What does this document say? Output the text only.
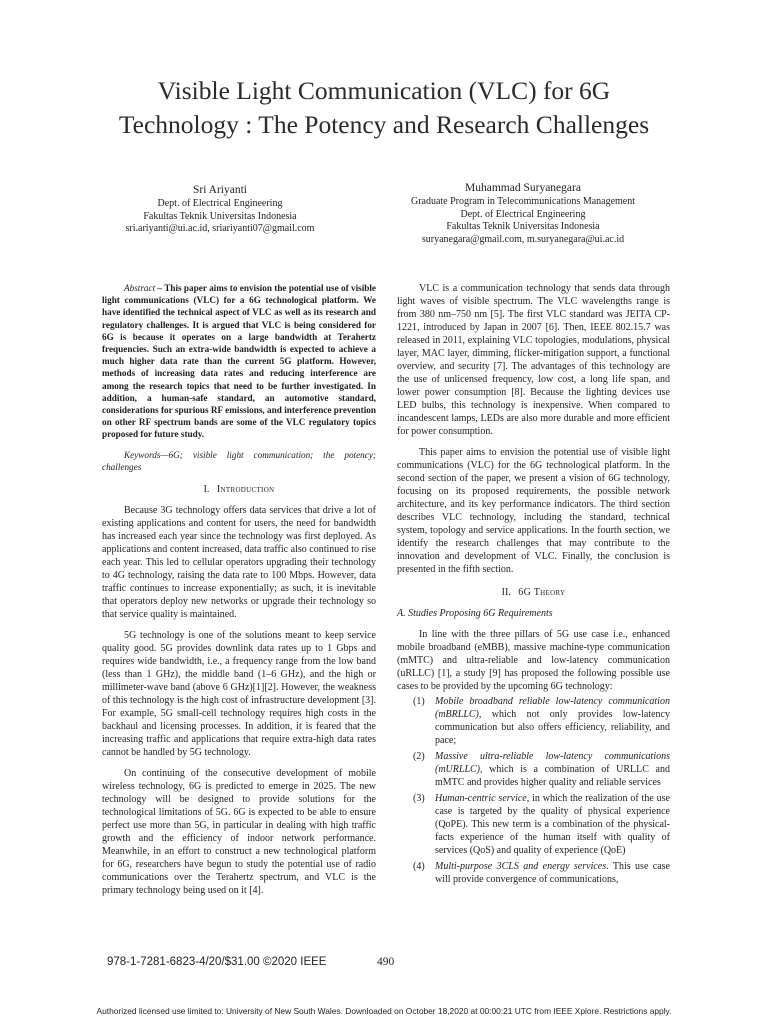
Visible Light Communication (VLC) for 6G
Technology : The Potency and Research Challenges
Sri Ariyanti
Dept. of Electrical Engineering
Fakultas Teknik Universitas Indonesia
sri.ariyanti@ui.ac.id, sriariyanti07@gmail.com
Muhammad Suryanegara
Graduate Program in Telecommunications Management
Dept. of Electrical Engineering
Fakultas Teknik Universitas Indonesia
suryanegara@gmail.com, m.suryanegara@ui.ac.id

Abstract – This paper aims to envision the potential use of visible light communications (VLC) for a 6G technological platform. We have identified the technical aspect of VLC as well as its research and regulatory challenges. It is argued that VLC is being considered for 6G is because it operates on a large bandwidth at Terahertz frequencies. Such an extra-wide bandwidth is expected to achieve a much higher data rate than the current 5G platform. However, methods of increasing data rates and reducing interference are among the research topics that need to be further investigated. In addition, a human-safe standard, an automotive standard, considerations for spurious RF emissions, and interference prevention on other RF spectrum bands are some of the VLC regulatory topics proposed for future study.

Keywords—6G; visible light communication; the potency; challenges

I. Introduction

Because 3G technology offers data services that drive a lot of existing applications and content for users, the need for bandwidth has increased each year since the technology was first deployed. As applications and content increased, data traffic also continued to rise each year. This led to cellular operators upgrading their technology to 4G technology, raising the data rate to 100 Mbps. However, data traffic continues to increase exponentially; as such, it is inevitable that operators deploy new networks or upgrade their technology so that service quality is maintained.

5G technology is one of the solutions meant to keep service quality good. 5G provides downlink data rates up to 1 Gbps and requires wide bandwidth, i.e., a frequency range from the low band (less than 1 GHz), the middle band (1–6 GHz), and the high or millimeter-wave band (above 6 GHz)[1][2]. However, the weakness of this technology is the high cost of infrastructure development [3]. For example, 5G small-cell technology requires high costs in the backhaul and licensing processes. In addition, it is feared that the increasing traffic and applications that require extra-high data rates cannot be handled by 5G technology.

On continuing of the consecutive development of mobile wireless technology, 6G is predicted to emerge in 2025. The new technology will be designed to provide solutions for the technological limitations of 5G. 6G is expected to be able to ensure perfect use more than 5G, in particular in dealing with high traffic growth and the efficiency of indoor network performance. Meanwhile, in an effort to construct a new technological platform for 6G, researchers have begun to study the potential use of radio communications over the Terahertz spectrum, and VLC is the primary technology being used on it [4].

VLC is a communication technology that sends data through light waves of visible spectrum. The VLC wavelengths range is from 380 nm–750 nm [5]. The first VLC standard was JEITA CP-1221, introduced by Japan in 2007 [6]. Then, IEEE 802.15.7 was released in 2011, explaining VLC topologies, modulations, physical layer, MAC layer, dimming, flicker-mitigation support, a functional overview, and security [7]. The advantages of this technology are the use of unlicensed frequency, low cost, a long life span, and lower power consumption [8]. Because the lighting devices use LED bulbs, this technology is inexpensive. When compared to incandescent lamps, LEDs are also more durable and more efficient for power consumption.

This paper aims to envision the potential use of visible light communications (VLC) for the 6G technological platform. In the second section of the paper, we present a vision of 6G technology, focusing on its proposed requirements, the possible network architecture, and its key performance indicators. The third section describes VLC technology, including the standard, technical system, topology and service applications. In the fourth section, we identify the research challenges that may contribute to the innovation and development of VLC. Finally, the conclusion is presented in the fifth section.

II. 6G Theory

A. Studies Proposing 6G Requirements

In line with the three pillars of 5G use case i.e., enhanced mobile broadband (eMBB), massive machine-type communication (mMTC) and ultra-reliable and low-latency communication (uRLLC) [1], a study [9] has proposed the following possible use cases to be provided by the upcoming 6G technology:

(1) Mobile broadband reliable low-latency communication (mBRLLC), which not only provides low-latency communication but also offers efficiency, reliability, and pace;
(2) Massive ultra-reliable low-latency communications (mURLLC), which is a combination of URLLC and mMTC and provides higher quality and reliable services
(3) Human-centric service, in which the realization of the use case is targeted by the quality of physical experience (QoPE). This new term is a combination of the physical-facts experience of the human itself with quality of services (QoS) and quality of experience (QoE)
(4) Multi-purpose 3CLS and energy services. This use case will provide convergence of communications,
978-1-7281-6823-4/20/$31.00 ©2020 IEEE	490
Authorized licensed use limited to: University of New South Wales. Downloaded on October 18,2020 at 00:00:21 UTC from IEEE Xplore. Restrictions apply.
